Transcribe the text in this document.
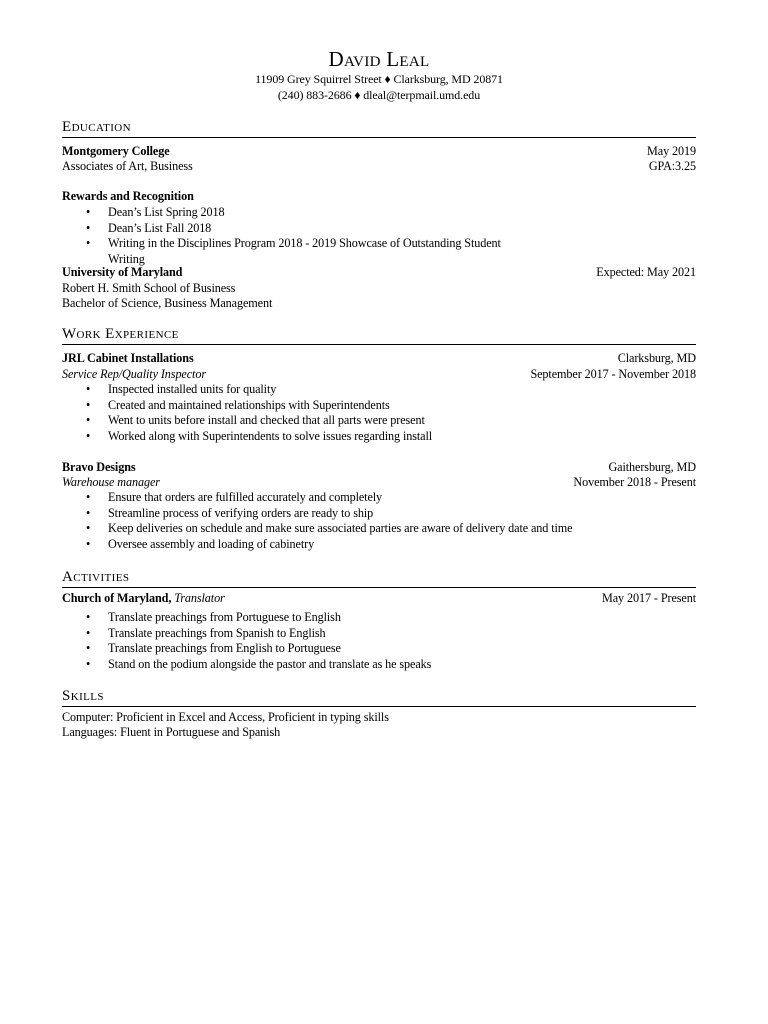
David Leal
11909 Grey Squirrel Street ♦ Clarksburg, MD 20871
(240) 883-2686 ♦ dleal@terpmail.umd.edu
Education
Montgomery College	May 2019
Associates of Art, Business	GPA:3.25
Rewards and Recognition
• Dean’s List Spring 2018
• Dean’s List Fall 2018
• Writing in the Disciplines Program 2018 - 2019 Showcase of Outstanding Student Writing
University of Maryland	Expected: May 2021
Robert H. Smith School of Business
Bachelor of Science, Business Management
Work Experience
JRL Cabinet Installations	Clarksburg, MD
Service Rep/Quality Inspector	September 2017 - November 2018
• Inspected installed units for quality
• Created and maintained relationships with Superintendents
• Went to units before install and checked that all parts were present
• Worked along with Superintendents to solve issues regarding install
Bravo Designs	Gaithersburg, MD
Warehouse manager	November 2018 - Present
• Ensure that orders are fulfilled accurately and completely
• Streamline process of verifying orders are ready to ship
• Keep deliveries on schedule and make sure associated parties are aware of delivery date and time
• Oversee assembly and loading of cabinetry
Activities
Church of Maryland, Translator	May 2017 - Present
• Translate preachings from Portuguese to English
• Translate preachings from Spanish to English
• Translate preachings from English to Portuguese
• Stand on the podium alongside the pastor and translate as he speaks
Skills
Computer: Proficient in Excel and Access, Proficient in typing skills
Languages: Fluent in Portuguese and Spanish
